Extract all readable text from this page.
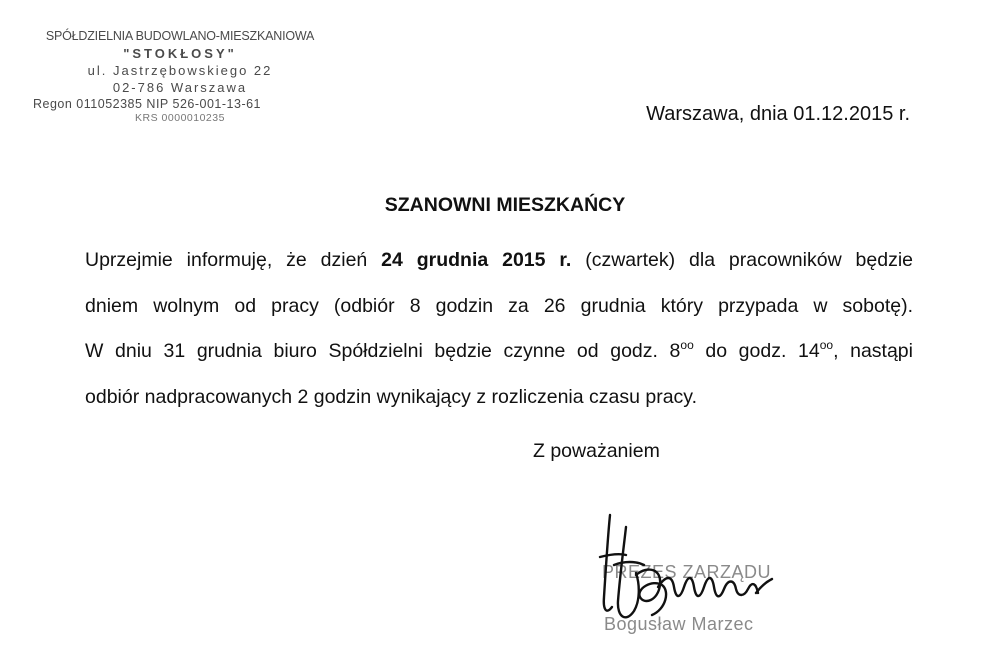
SPÓŁDZIELNIA BUDOWLANO-MIESZKANIOWA
"STOKŁOSY"
ul. Jastrzębowskiego 22
02-786 Warszawa
Regon 011052385 NIP 526-001-13-61
KRS 0000010235	Warszawa, dnia 01.12.2015 r.
SZANOWNI MIESZKAŃCY
Uprzejmie informuję, że dzień 24 grudnia 2015 r. (czwartek) dla pracowników będzie
dniem wolnym od pracy (odbiór 8 godzin za 26 grudnia który przypada w sobotę).
W dniu 31 grudnia biuro Spółdzielni będzie czynne od godz. $8^{oo}$ do godz. $14^{oo}$, nastąpi
odbiór nadpracowanych 2 godzin wynikający z rozliczenia czasu pracy.
Z poważaniem
PREZES ZARZĄDU
Bogusław Marzec
